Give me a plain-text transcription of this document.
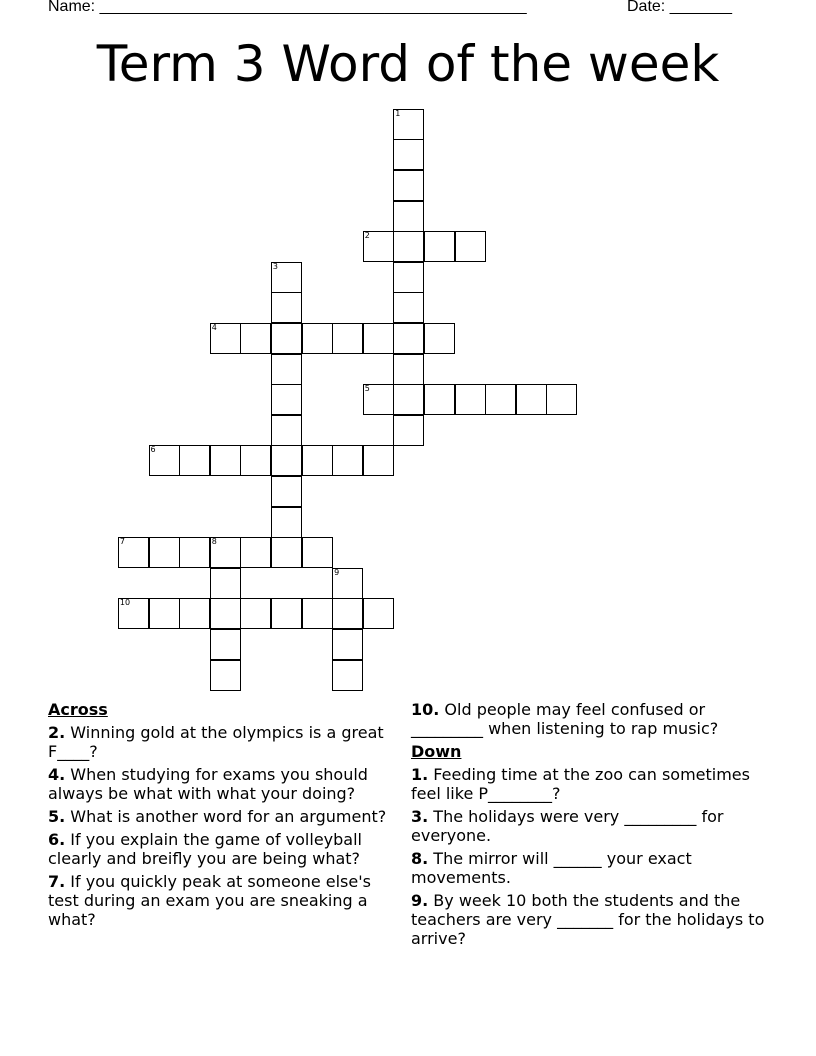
Name: ________________________________________________	Date: _______
Term 3 Word of the week
1
2
3
4
5
6
7	8
9
10
Across
2. Winning gold at the olympics is a great F____?
4. When studying for exams you should always be what with what your doing?
5. What is another word for an argument?
6. If you explain the game of volleyball clearly and breifly you are being what?
7. If you quickly peak at someone else's test during an exam you are sneaking a what?
10. Old people may feel confused or _________ when listening to rap music?
Down
1. Feeding time at the zoo can sometimes feel like P________?
3. The holidays were very _________ for everyone.
8. The mirror will ______ your exact movements.
9. By week 10 both the students and the teachers are very _______ for the holidays to arrive?
